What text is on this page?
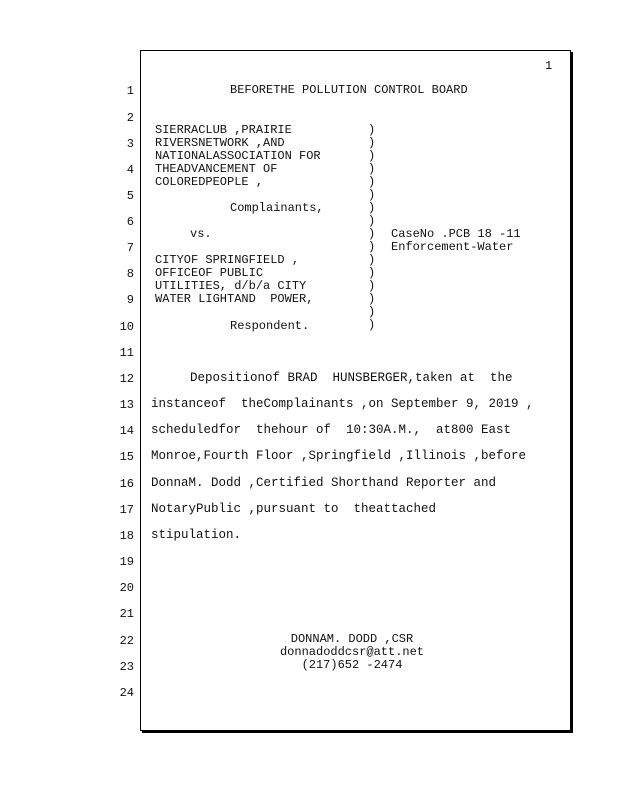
1
1
2
3
4
5
6
7
8
9
10
11
12
13
14
15
16
17
18
19
20
21
22
23
24
BEFORETHE POLLUTION CONTROL BOARD
SIERRACLUB ,PRAIRIE
RIVERSNETWORK ,AND
NATIONALASSOCIATION FOR
THEADVANCEMENT OF
COLOREDPEOPLE ,
Complainants,
vs.
CITYOF SPRINGFIELD ,
OFFICEOF PUBLIC
UTILITIES, d/b/a CITY
WATER LIGHTAND  POWER,
Respondent.
)
)
)
)
)
)
)
)
)
)
)
)
)
)
)
)
CaseNo .PCB 18 -11
Enforcement-Water
Depositionof BRAD  HUNSBERGER,taken at  the
instanceof  theComplainants ,on September 9, 2019 ,
scheduledfor  thehour of  10:30A.M.,  at800 East
Monroe,Fourth Floor ,Springfield ,Illinois ,before
DonnaM. Dodd ,Certified Shorthand Reporter and
NotaryPublic ,pursuant to  theattached
stipulation.
DONNAM. DODD ,CSR
donnadoddcsr@att.net
(217)652 -2474
